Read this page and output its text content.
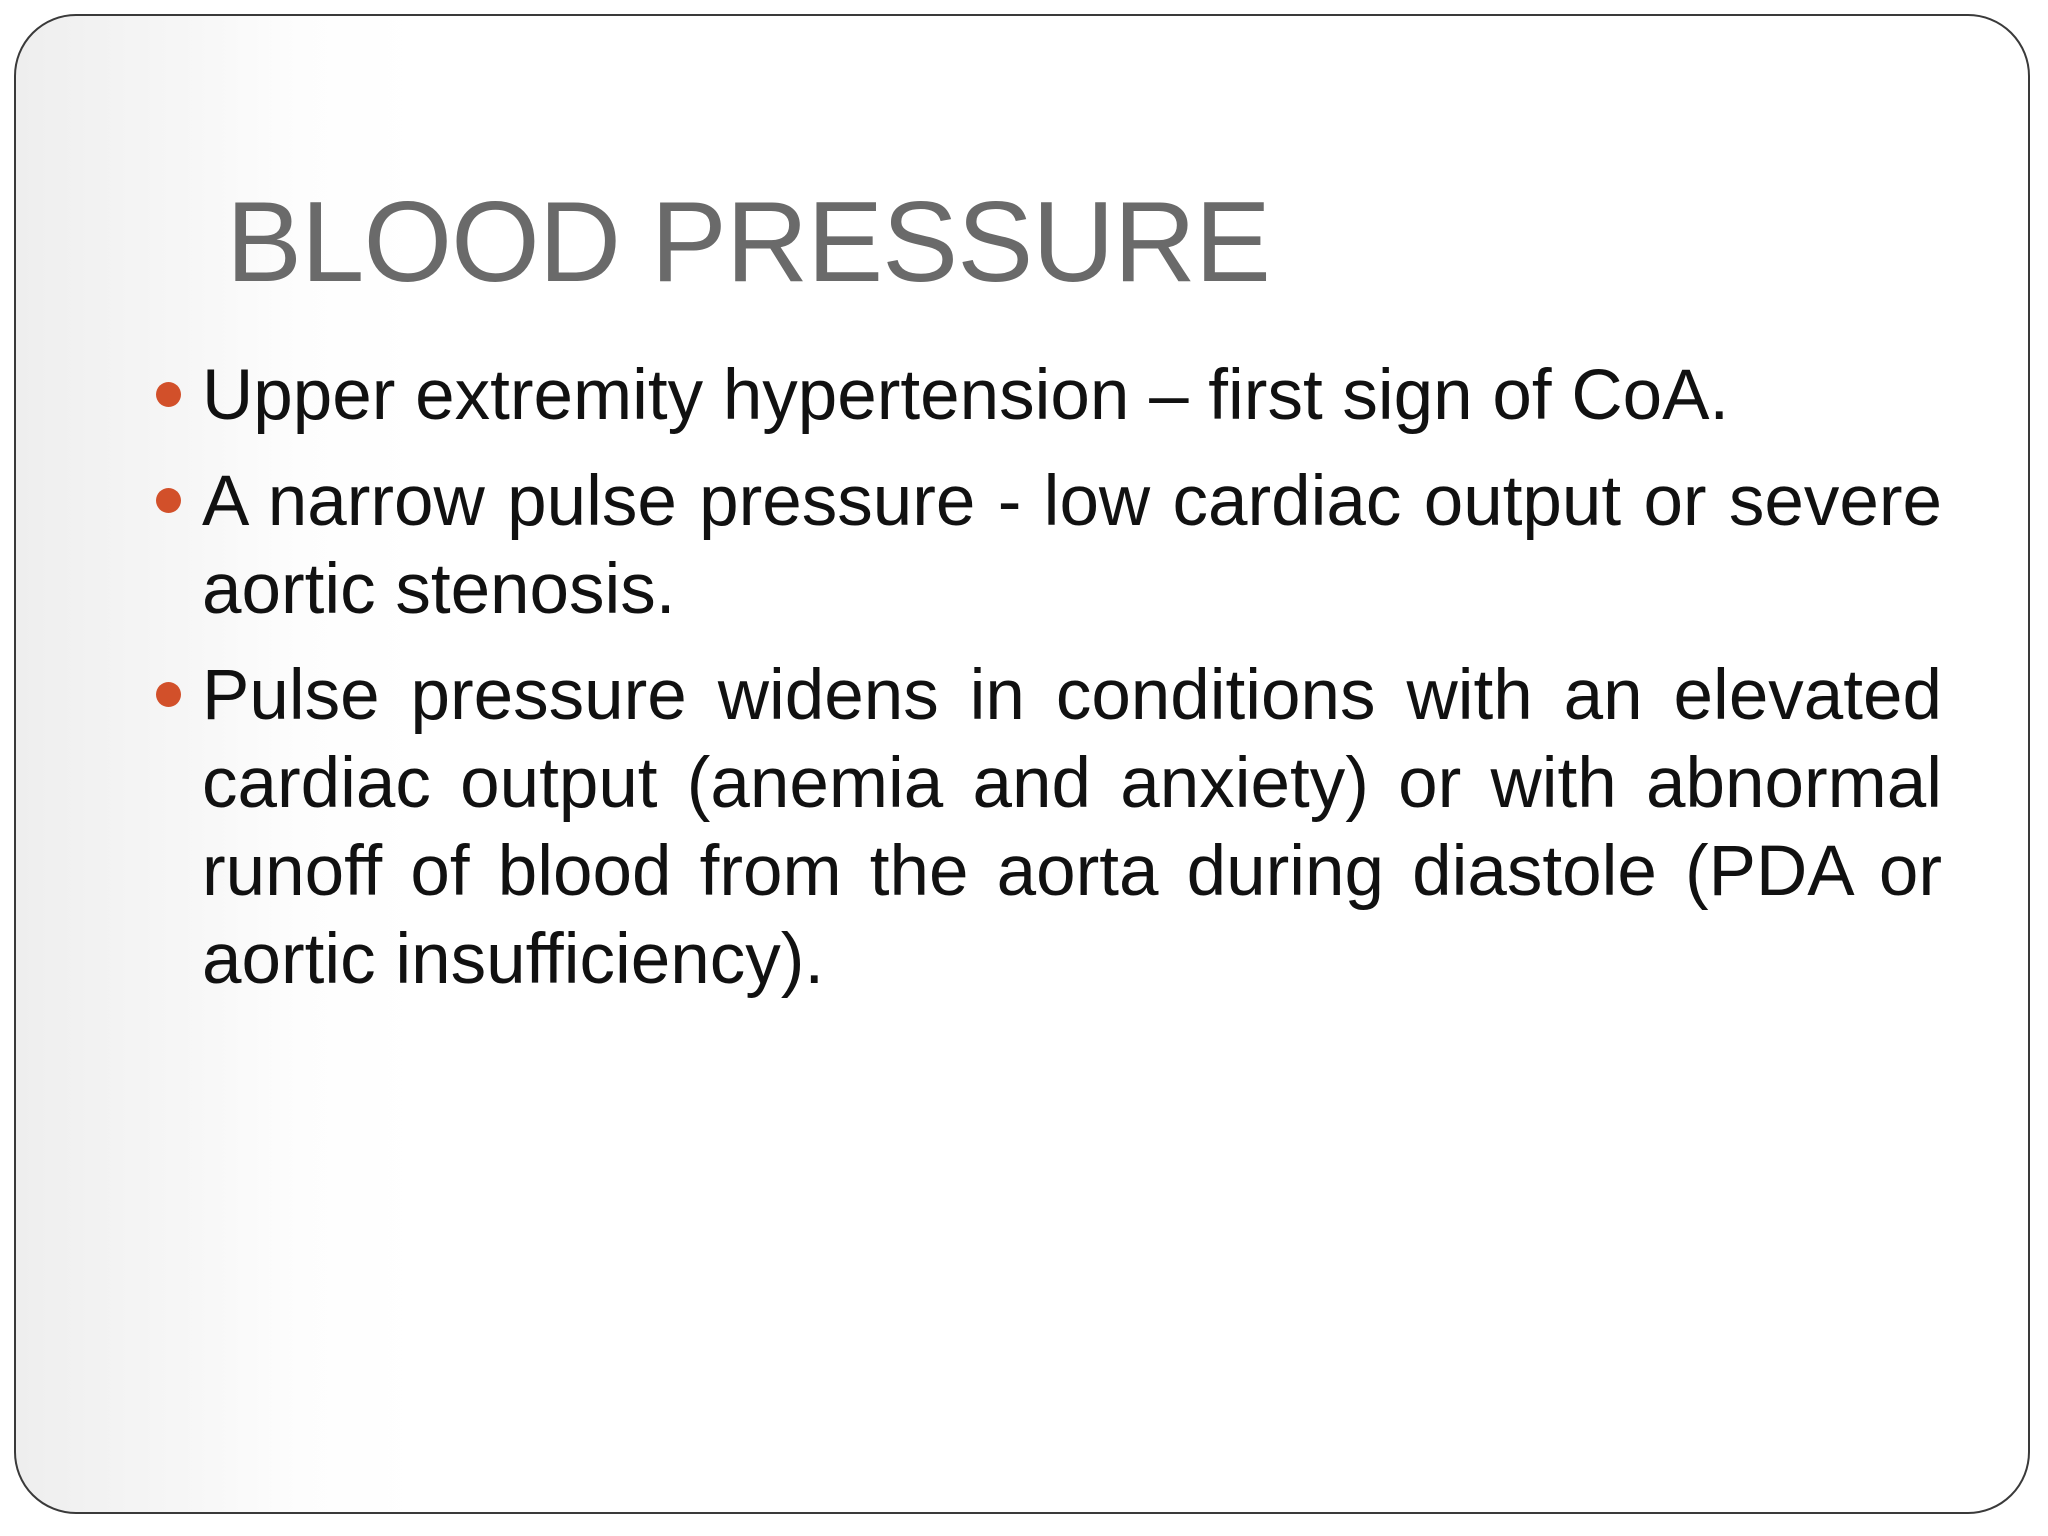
BLOOD PRESSURE
Upper extremity hypertension – first sign of CoA.
A narrow pulse pressure - low cardiac output or severe aortic stenosis.
Pulse pressure widens in conditions with an elevated cardiac output (anemia and anxiety) or with abnormal runoff of blood from the aorta during diastole (PDA or aortic insufficiency).
